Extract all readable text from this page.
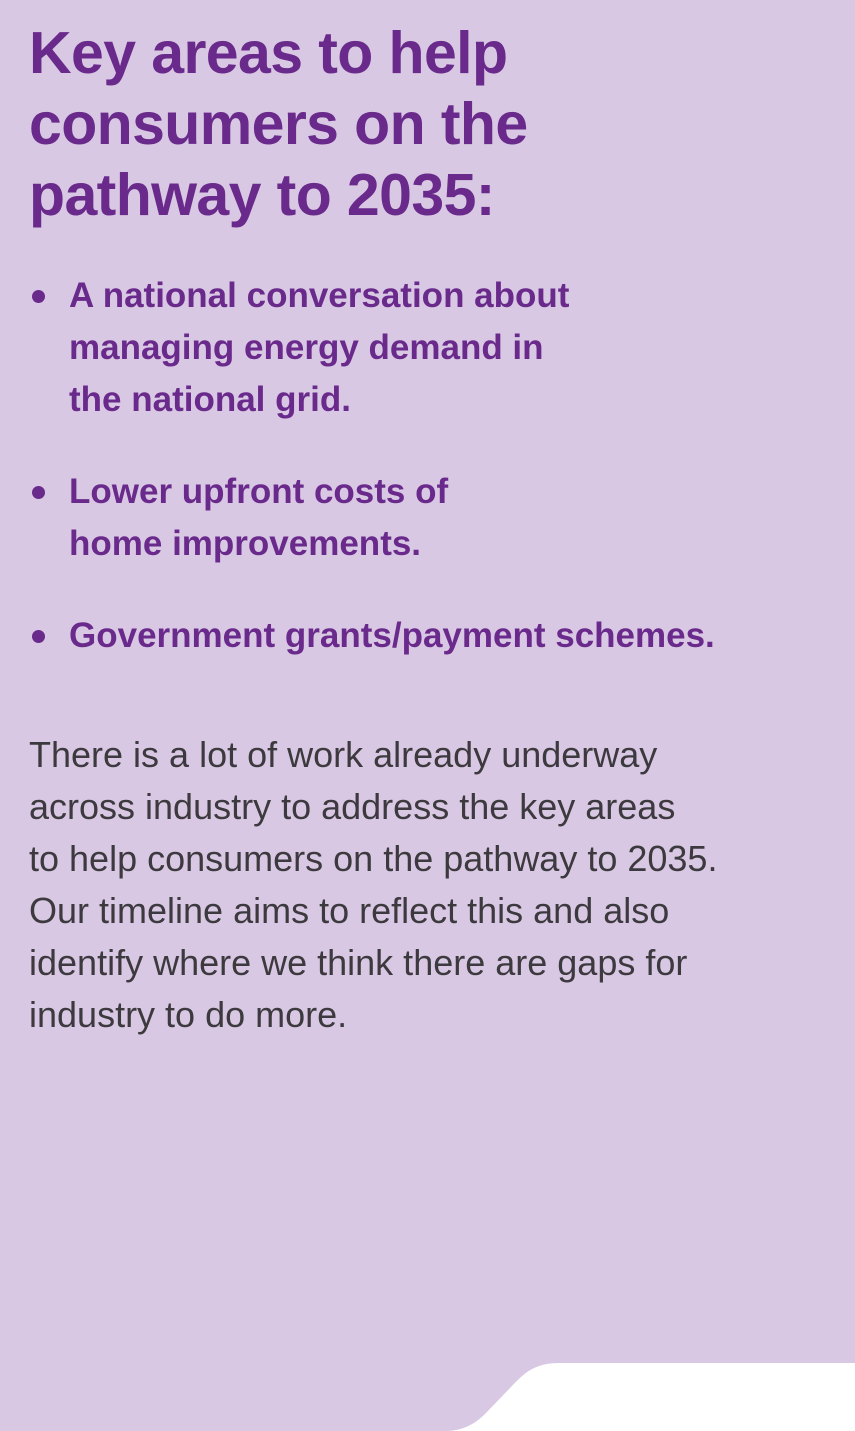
Key areas to help
consumers on the
pathway to 2035:
A national conversation about
managing energy demand in
the national grid.
Lower upfront costs of
home improvements.
Government grants/payment schemes.

There is a lot of work already underway
across industry to address the key areas
to help consumers on the pathway to 2035.
Our timeline aims to reflect this and also
identify where we think there are gaps for
industry to do more.
